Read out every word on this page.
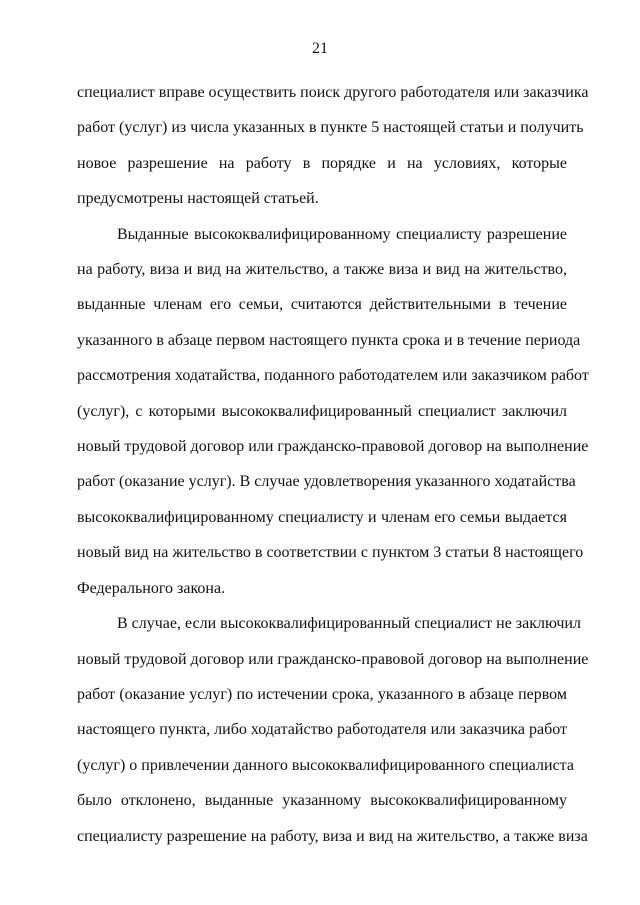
21

специалист вправе осуществить поиск другого работодателя или заказчика
работ (услуг) из числа указанных в пункте 5 настоящей статьи и получить
новое разрешение на работу в порядке и на условиях, которые
предусмотрены настоящей статьей.

Выданные высококвалифицированному специалисту разрешение
на работу, виза и вид на жительство, а также виза и вид на жительство,
выданные членам его семьи, считаются действительными в течение
указанного в абзаце первом настоящего пункта срока и в течение периода
рассмотрения ходатайства, поданного работодателем или заказчиком работ
(услуг), с которыми высококвалифицированный специалист заключил
новый трудовой договор или гражданско-правовой договор на выполнение
работ (оказание услуг). В случае удовлетворения указанного ходатайства
высококвалифицированному специалисту и членам его семьи выдается
новый вид на жительство в соответствии с пунктом 3 статьи 8 настоящего
Федерального закона.

В случае, если высококвалифицированный специалист не заключил
новый трудовой договор или гражданско-правовой договор на выполнение
работ (оказание услуг) по истечении срока, указанного в абзаце первом
настоящего пункта, либо ходатайство работодателя или заказчика работ
(услуг) о привлечении данного высококвалифицированного специалиста
было отклонено, выданные указанному высококвалифицированному
специалисту разрешение на работу, виза и вид на жительство, а также виза
